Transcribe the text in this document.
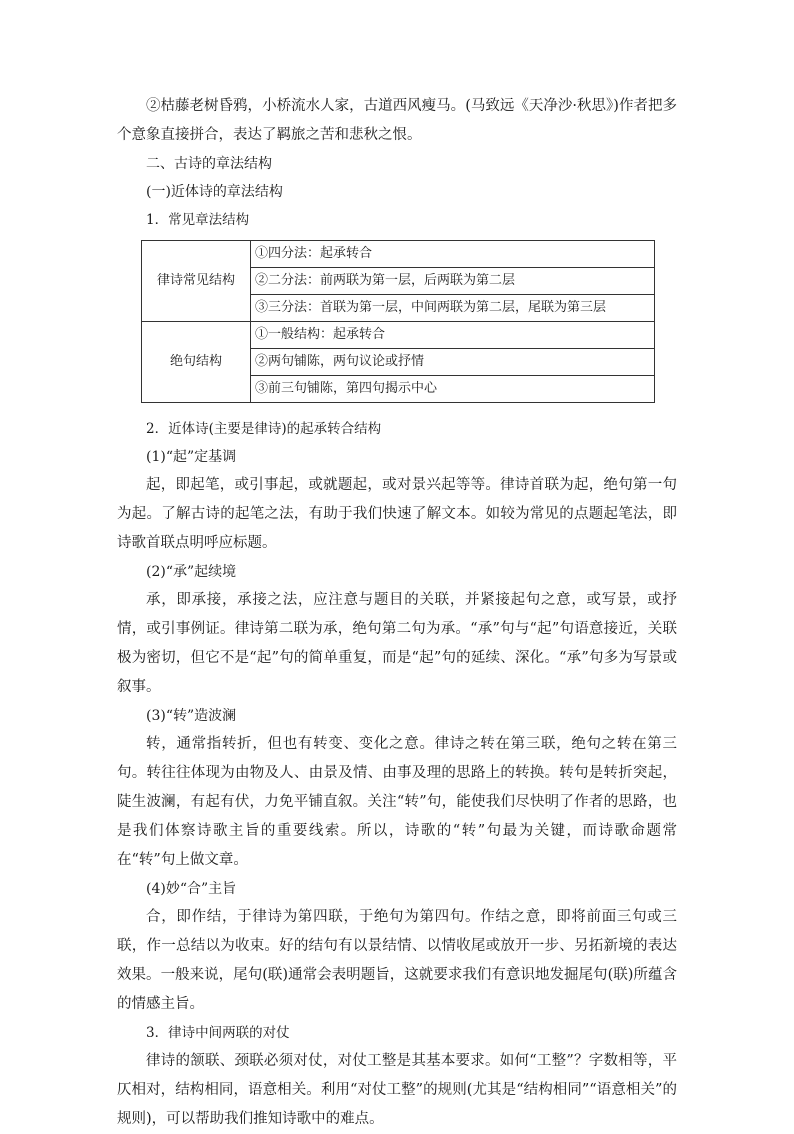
②枯藤老树昏鸦，小桥流水人家，古道西风瘦马。(马致远《天净沙·秋思》)作者把多个意象直接拼合，表达了羁旅之苦和悲秋之恨。

二、古诗的章法结构

(一)近体诗的章法结构

1．常见章法结构

律诗常见结构	①四分法：起承转合
	②二分法：前两联为第一层，后两联为第二层
	③三分法：首联为第一层，中间两联为第二层，尾联为第三层
绝句结构	①一般结构：起承转合
	②两句铺陈，两句议论或抒情
	③前三句铺陈，第四句揭示中心

2．近体诗(主要是律诗)的起承转合结构

(1)“起”定基调

起，即起笔，或引事起，或就题起，或对景兴起等等。律诗首联为起，绝句第一句为起。了解古诗的起笔之法，有助于我们快速了解文本。如较为常见的点题起笔法，即诗歌首联点明呼应标题。

(2)“承”起续境

承，即承接，承接之法，应注意与题目的关联，并紧接起句之意，或写景，或抒情，或引事例证。律诗第二联为承，绝句第二句为承。“承”句与“起”句语意接近，关联极为密切，但它不是“起”句的简单重复，而是“起”句的延续、深化。“承”句多为写景或叙事。

(3)“转”造波澜

转，通常指转折，但也有转变、变化之意。律诗之转在第三联，绝句之转在第三句。转往往体现为由物及人、由景及情、由事及理的思路上的转换。转句是转折突起，陡生波澜，有起有伏，力免平铺直叙。关注“转”句，能使我们尽快明了作者的思路，也是我们体察诗歌主旨的重要线索。所以，诗歌的“转”句最为关键，而诗歌命题常在“转”句上做文章。

(4)妙“合”主旨

合，即作结，于律诗为第四联，于绝句为第四句。作结之意，即将前面三句或三联，作一总结以为收束。好的结句有以景结情、以情收尾或放开一步、另拓新境的表达效果。一般来说，尾句(联)通常会表明题旨，这就要求我们有意识地发掘尾句(联)所蕴含的情感主旨。

3．律诗中间两联的对仗

律诗的颔联、颈联必须对仗，对仗工整是其基本要求。如何“工整”？字数相等，平仄相对，结构相同，语意相关。利用“对仗工整”的规则(尤其是“结构相同”“语意相关”的规则)，可以帮助我们推知诗歌中的难点。
